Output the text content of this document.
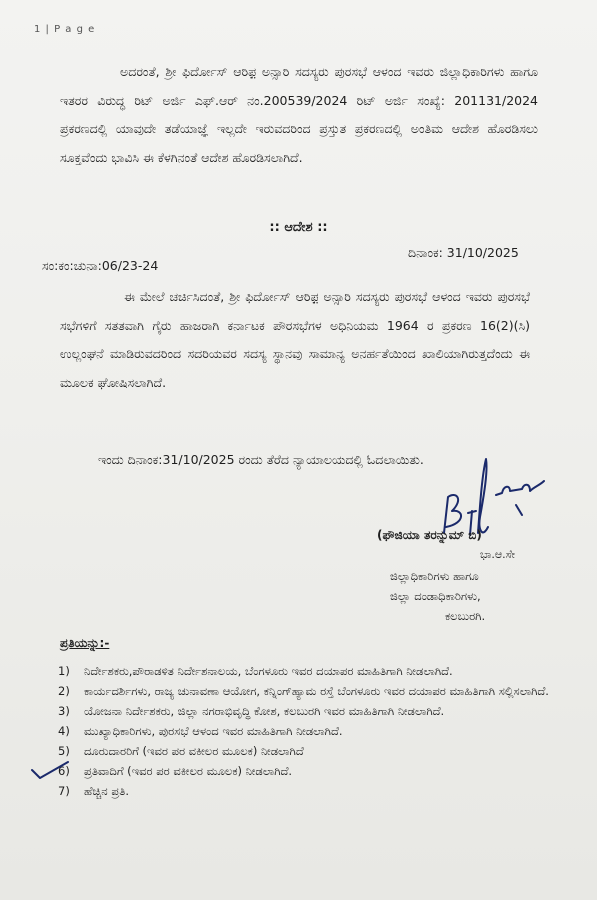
1 | P a g e

ಅದರಂತೆ, ಶ್ರೀ ಫಿರ್ದೋಸ್ ಆರಿಫ಼ ಅನ್ಸಾರಿ ಸದಸ್ಯರು ಪುರಸಭೆ ಆಳಂದ ಇವರು ಜಿಲ್ಲಾಧಿಕಾರಿಗಳು ಹಾಗೂ ಇತರರ ವಿರುದ್ಧ ರಿಟ್ ಅರ್ಜಿ ಎಫ್.ಆರ್ ನಂ.200539/2024 ರಿಟ್ ಅರ್ಜಿ ಸಂಖ್ಯೆ: 201131/2024 ಪ್ರಕರಣದಲ್ಲಿ ಯಾವುದೇ ತಡೆಯಾಜ್ಞೆ ಇಲ್ಲದೇ ಇರುವದರಿಂದ ಪ್ರಸ್ತುತ ಪ್ರಕರಣದಲ್ಲಿ ಅಂತಿಮ ಆದೇಶ ಹೊರಡಿಸಲು ಸೂಕ್ತವೆಂದು ಭಾವಿಸಿ ಈ ಕೆಳಗಿನಂತೆ ಆದೇಶ ಹೊರಡಿಸಲಾಗಿದೆ.

:: ಆದೇಶ ::
ದಿನಾಂಕ: 31/10/2025
ಸಂ:ಕಂ:ಚುನಾ:06/23-24

ಈ ಮೇಲೆ ಚರ್ಚಿಸಿದಂತೆ, ಶ್ರೀ ಫಿರ್ದೋಸ್ ಆರಿಫ಼ ಅನ್ಸಾರಿ ಸದಸ್ಯರು ಪುರಸಭೆ ಆಳಂದ ಇವರು ಪುರಸಭೆ ಸಭೆಗಳಿಗೆ ಸತತವಾಗಿ ಗೈರು ಹಾಜರಾಗಿ ಕರ್ನಾಟಕ ಪೌರಸಭೆಗಳ ಅಧಿನಿಯಮ 1964 ರ ಪ್ರಕರಣ 16(2)(ಸಿ) ಉಲ್ಲಂಘನೆ ಮಾಡಿರುವದರಿಂದ ಸದರಿಯವರ ಸದಸ್ಯ ಸ್ಥಾನವು ಸಾಮಾನ್ಯ ಅನರ್ಹತೆಯಿಂದ ಖಾಲಿಯಾಗಿರುತ್ತದೆಂದು ಈ ಮೂಲಕ ಘೋಷಿಸಲಾಗಿದೆ.

ಇಂದು ದಿನಾಂಕ:31/10/2025 ರಂದು ತೆರೆದ ನ್ಯಾಯಾಲಯದಲ್ಲಿ ಓದಲಾಯಿತು.
(ಫೌಜಿಯಾ ತರನ್ನುಮ್ ಬಿ)
ಭಾ.ಆ.ಸೇ
ಜಿಲ್ಲಾಧಿಕಾರಿಗಳು ಹಾಗೂ
ಜಿಲ್ಲಾ ದಂಡಾಧಿಕಾರಿಗಳು,
ಕಲಬುರಗಿ.
ಪ್ರತಿಯನ್ನು:-
1)	ನಿರ್ದೇಶಕರು,ಪೌರಾಡಳಿತ ನಿರ್ದೇಶನಾಲಯ, ಬೆಂಗಳೂರು ಇವರ ದಯಾಪರ ಮಾಹಿತಿಗಾಗಿ ನೀಡಲಾಗಿದೆ.
2)	ಕಾರ್ಯದರ್ಶಿಗಳು, ರಾಜ್ಯ ಚುನಾವಣಾ ಆಯೋಗ, ಕನ್ನಿಂಗ್‌ಹ್ಯಾಮ ರಸ್ತೆ ಬೆಂಗಳೂರು ಇವರ ದಯಾಪರ ಮಾಹಿತಿಗಾಗಿ ಸಲ್ಲಿಸಲಾಗಿದೆ.
3)	ಯೋಜನಾ ನಿರ್ದೇಶಕರು, ಜಿಲ್ಲಾ ನಗರಾಭಿವೃದ್ಧಿ ಕೋಶ, ಕಲಬುರಗಿ ಇವರ ಮಾಹಿತಿಗಾಗಿ ನೀಡಲಾಗಿದೆ.
4)	ಮುಖ್ಯಾಧಿಕಾರಿಗಳು, ಪುರಸಭೆ ಆಳಂದ ಇವರ ಮಾಹಿತಿಗಾಗಿ ನೀಡಲಾಗಿದೆ.
5)	ದೂರುದಾರರಿಗೆ (ಇವರ ಪರ ವಕೀಲರ ಮೂಲಕ) ನೀಡಲಾಗಿದೆ
6)	ಪ್ರತಿವಾದಿಗೆ (ಇವರ ಪರ ವಕೀಲರ ಮೂಲಕ) ನೀಡಲಾಗಿದೆ.
7)	ಹೆಚ್ಚಿನ ಪ್ರತಿ.
